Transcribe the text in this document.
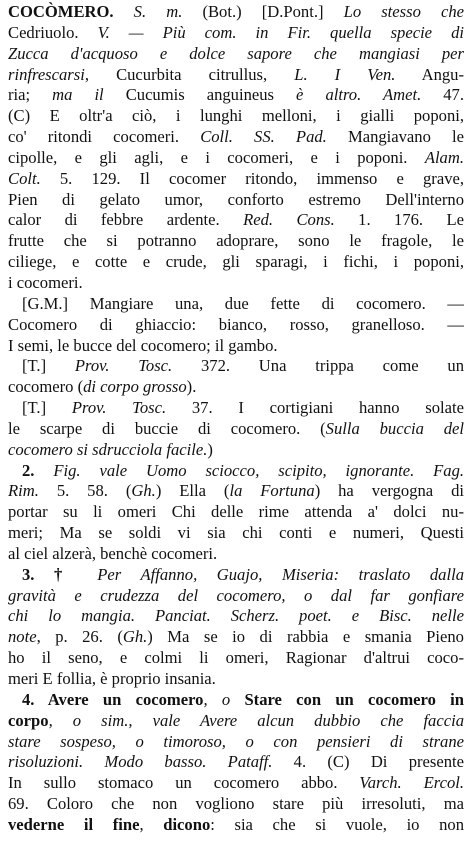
COCÒMERO. S. m. (Bot.) [D.Pont.] Lo stesso che
Cedriuolo. V. — Più com. in Fir. quella specie di
Zucca d'acquoso e dolce sapore che mangiasi per
rinfrescarsi, Cucurbita citrullus, L. I Ven. Angu-
ria; ma il Cucumis anguineus è altro. Amet. 47.
(C) E oltr'a ciò, i lunghi melloni, i gialli poponi,
co' ritondi cocomeri. Coll. SS. Pad. Mangiavano le
cipolle, e gli agli, e i cocomeri, e i poponi. Alam.
Colt. 5. 129. Il cocomer ritondo, immenso e grave,
Pien di gelato umor, conforto estremo Dell'interno
calor di febbre ardente. Red. Cons. 1. 176. Le
frutte che si potranno adoprare, sono le fragole, le
ciliege, e cotte e crude, gli sparagi, i fichi, i poponi,
i cocomeri.
[G.M.] Mangiare una, due fette di cocomero. —
Cocomero di ghiaccio: bianco, rosso, granelloso. —
I semi, le bucce del cocomero; il gambo.
[T.] Prov. Tosc. 372. Una trippa come un
cocomero (di corpo grosso).
[T.] Prov. Tosc. 37. I cortigiani hanno solate
le scarpe di buccie di cocomero. (Sulla buccia del
cocomero si sdrucciola facile.)
2. Fig. vale Uomo sciocco, scipito, ignorante. Fag.
Rim. 5. 58. (Gh.) Ella (la Fortuna) ha vergogna di
portar su li omeri Chi delle rime attenda a' dolci nu-
meri; Ma se soldi vi sia chi conti e numeri, Questi
al ciel alzerà, benchè cocomeri.
3. † Per Affanno, Guajo, Miseria: traslato dalla
gravità e crudezza del cocomero, o dal far gonfiare
chi lo mangia. Panciat. Scherz. poet. e Bisc. nelle
note, p. 26. (Gh.) Ma se io di rabbia e smania Pieno
ho il seno, e colmi li omeri, Ragionar d'altrui coco-
meri E follia, è proprio insania.
4. Avere un cocomero, o Stare con un cocomero in
corpo, o sim., vale Avere alcun dubbio che faccia
stare sospeso, o timoroso, o con pensieri di strane
risoluzioni. Modo basso. Pataff. 4. (C) Di presente
In sullo stomaco un cocomero abbo. Varch. Ercol.
69. Coloro che non vogliono stare più irresoluti, ma
vederne il fine, dicono: sia che si vuole, io non
